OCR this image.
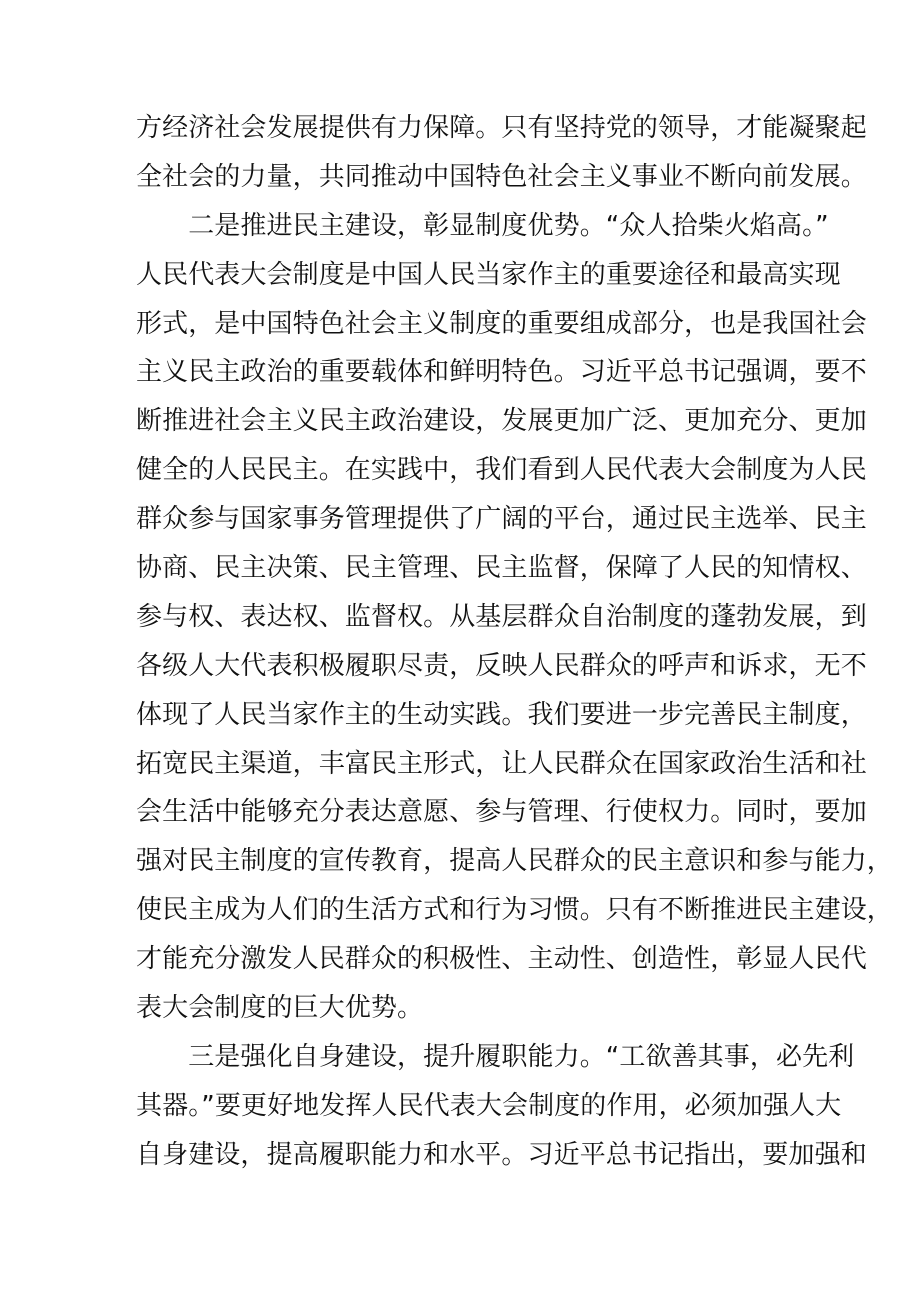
方经济社会发展提供有力保障。只有坚持党的领导，才能凝聚起
全社会的力量，共同推动中国特色社会主义事业不断向前发展。
　　二是推进民主建设，彰显制度优势。“众人拾柴火焰高。”
人民代表大会制度是中国人民当家作主的重要途径和最高实现
形式，是中国特色社会主义制度的重要组成部分，也是我国社会
主义民主政治的重要载体和鲜明特色。习近平总书记强调，要不
断推进社会主义民主政治建设，发展更加广泛、更加充分、更加
健全的人民民主。在实践中，我们看到人民代表大会制度为人民
群众参与国家事务管理提供了广阔的平台，通过民主选举、民主
协商、民主决策、民主管理、民主监督，保障了人民的知情权、
参与权、表达权、监督权。从基层群众自治制度的蓬勃发展，到
各级人大代表积极履职尽责，反映人民群众的呼声和诉求，无不
体现了人民当家作主的生动实践。我们要进一步完善民主制度，
拓宽民主渠道，丰富民主形式，让人民群众在国家政治生活和社
会生活中能够充分表达意愿、参与管理、行使权力。同时，要加
强对民主制度的宣传教育，提高人民群众的民主意识和参与能力，
使民主成为人们的生活方式和行为习惯。只有不断推进民主建设，
才能充分激发人民群众的积极性、主动性、创造性，彰显人民代
表大会制度的巨大优势。
　　三是强化自身建设，提升履职能力。“工欲善其事，必先利
其器。”要更好地发挥人民代表大会制度的作用，必须加强人大
自身建设，提高履职能力和水平。习近平总书记指出，要加强和
